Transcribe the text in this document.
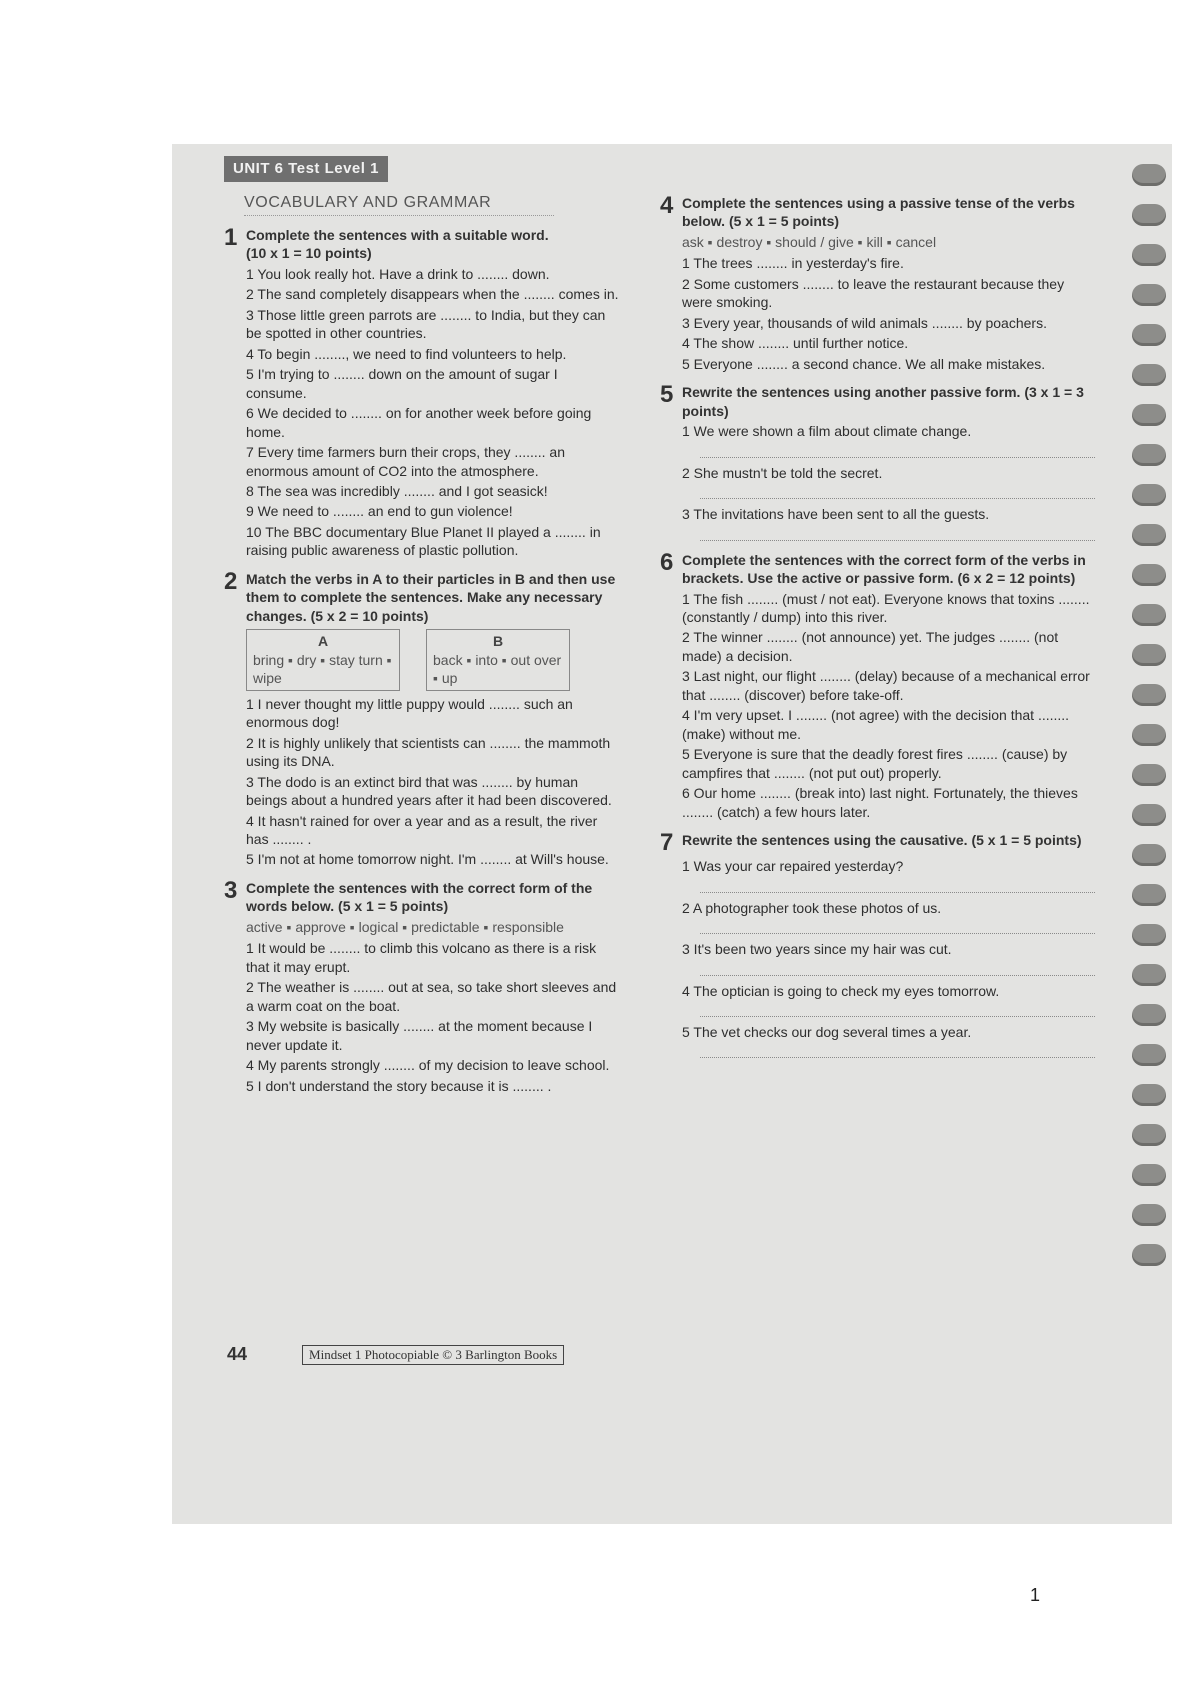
UNIT 6 Test Level 1
VOCABULARY AND GRAMMAR
1 Complete the sentences with a suitable word.
(10 x 1 = 10 points)
1 You look really hot. Have a drink to ........ down.
2 The sand completely disappears when the ........ comes in.
3 Those little green parrots are ........ to India, but they can be spotted in other countries.
4 To begin ........, we need to find volunteers to help.
5 I'm trying to ........ down on the amount of sugar I consume.
6 We decided to ........ on for another week before going home.
7 Every time farmers burn their crops, they ........ an enormous amount of CO2 into the atmosphere.
8 The sea was incredibly ........ and I got seasick!
9 We need to ........ an end to gun violence!
10 The BBC documentary Blue Planet II played a ........ in raising public awareness of plastic pollution.
2 Match the verbs in A to their particles in B and then use them to complete the sentences. Make any necessary changes. (5 x 2 = 10 points)
A
bring ▪ dry ▪ stay turn ▪ wipe
B
back ▪ into ▪ out over ▪ up
1 I never thought my little puppy would ........ such an enormous dog!
2 It is highly unlikely that scientists can ........ the mammoth using its DNA.
3 The dodo is an extinct bird that was ........ by human beings about a hundred years after it had been discovered.
4 It hasn't rained for over a year and as a result, the river has ........ .
5 I'm not at home tomorrow night. I'm ........ at Will's house.
3 Complete the sentences with the correct form of the words below. (5 x 1 = 5 points)
active ▪ approve ▪ logical ▪ predictable ▪ responsible
1 It would be ........ to climb this volcano as there is a risk that it may erupt.
2 The weather is ........ out at sea, so take short sleeves and a warm coat on the boat.
3 My website is basically ........ at the moment because I never update it.
4 My parents strongly ........ of my decision to leave school.
5 I don't understand the story because it is ........ .
4 Complete the sentences using a passive tense of the verbs below. (5 x 1 = 5 points)
ask ▪ destroy ▪ should / give ▪ kill ▪ cancel
1 The trees ........ in yesterday's fire.
2 Some customers ........ to leave the restaurant because they were smoking.
3 Every year, thousands of wild animals ........ by poachers.
4 The show ........ until further notice.
5 Everyone ........ a second chance. We all make mistakes.
5 Rewrite the sentences using another passive form. (3 x 1 = 3 points)
1 We were shown a film about climate change.
2 She mustn't be told the secret.
3 The invitations have been sent to all the guests.
6 Complete the sentences with the correct form of the verbs in brackets. Use the active or passive form. (6 x 2 = 12 points)
1 The fish ........ (must / not eat). Everyone knows that toxins ........ (constantly / dump) into this river.
2 The winner ........ (not announce) yet. The judges ........ (not made) a decision.
3 Last night, our flight ........ (delay) because of a mechanical error that ........ (discover) before take-off.
4 I'm very upset. I ........ (not agree) with the decision that ........ (make) without me.
5 Everyone is sure that the deadly forest fires ........ (cause) by campfires that ........ (not put out) properly.
6 Our home ........ (break into) last night. Fortunately, the thieves ........ (catch) a few hours later.
7 Rewrite the sentences using the causative. (5 x 1 = 5 points)
1 Was your car repaired yesterday?
2 A photographer took these photos of us.
3 It's been two years since my hair was cut.
4 The optician is going to check my eyes tomorrow.
5 The vet checks our dog several times a year.
44	Mindset 1 Photocopiable © 3 Barlington Books
1
